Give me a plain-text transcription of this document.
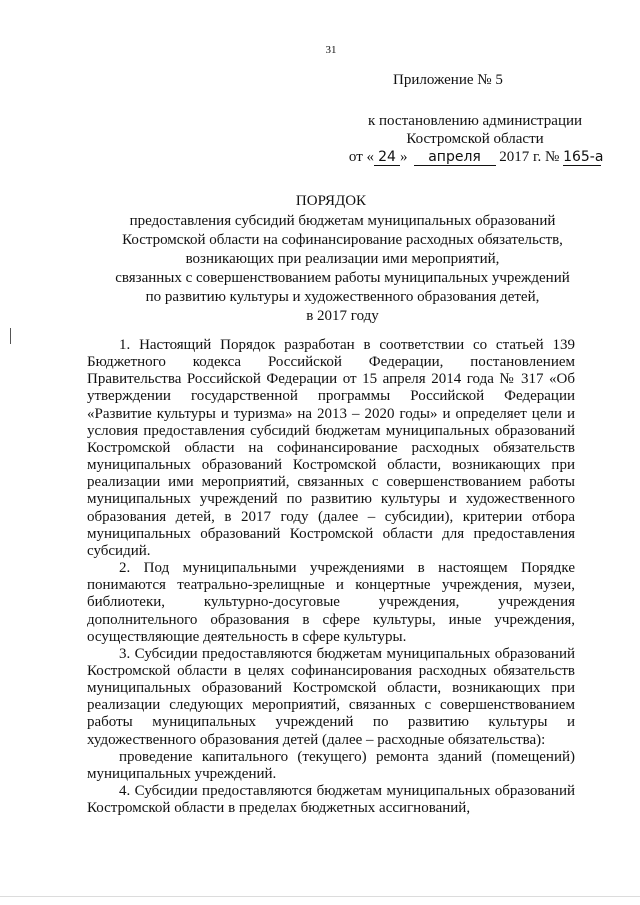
31
Приложение № 5
к постановлению администрации
Костромской области
от « 24 » апреля 2017 г. № 165-а
ПОРЯДОК
предоставления субсидий бюджетам муниципальных образований
Костромской области на софинансирование расходных обязательств,
возникающих при реализации ими мероприятий,
связанных с совершенствованием работы муниципальных учреждений
по развитию культуры и художественного образования детей,
в 2017 году

1. Настоящий Порядок разработан в соответствии со статьей 139 Бюджетного кодекса Российской Федерации, постановлением Правительства Российской Федерации от 15 апреля 2014 года № 317 «Об утверждении государственной программы Российской Федерации «Развитие культуры и туризма» на 2013 – 2020 годы» и определяет цели и условия предоставления субсидий бюджетам муниципальных образований Костромской области на софинансирование расходных обязательств муниципальных образований Костромской области, возникающих при реализации ими мероприятий, связанных с совершенствованием работы муниципальных учреждений по развитию культуры и художественного образования детей, в 2017 году (далее – субсидии), критерии отбора муниципальных образований Костромской области для предоставления субсидий.

2. Под муниципальными учреждениями в настоящем Порядке понимаются театрально-зрелищные и концертные учреждения, музеи, библиотеки, культурно-досуговые учреждения, учреждения дополнительного образования в сфере культуры, иные учреждения, осуществляющие деятельность в сфере культуры.

3. Субсидии предоставляются бюджетам муниципальных образований Костромской области в целях софинансирования расходных обязательств муниципальных образований Костромской области, возникающих при реализации следующих мероприятий, связанных с совершенствованием работы муниципальных учреждений по развитию культуры и художественного образования детей (далее – расходные обязательства):

проведение капитального (текущего) ремонта зданий (помещений) муниципальных учреждений.

4. Субсидии предоставляются бюджетам муниципальных образований Костромской области в пределах бюджетных ассигнований,
